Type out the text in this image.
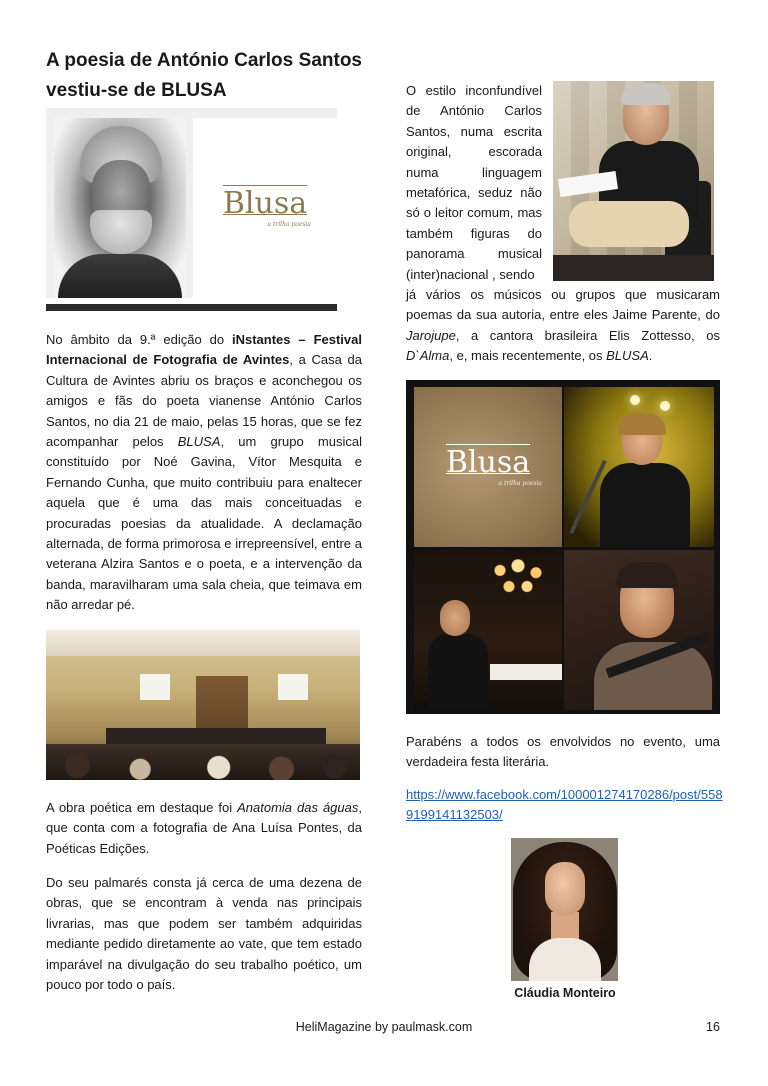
A poesia de António Carlos Santos vestiu-se de BLUSA
Blusa
a trilha poesia

No âmbito da 9.ª edição do iNstantes – Festival Internacional de Fotografia de Avintes, a Casa da Cultura de Avintes abriu os braços e aconchegou os amigos e fãs do poeta vianense António Carlos Santos, no dia 21 de maio, pelas 15 horas, que se fez acompanhar pelos BLUSA, um grupo musical constituído por Noé Gavina, Vítor Mesquita e Fernando Cunha, que muito contribuiu para enaltecer aquela que é uma das mais conceituadas e procuradas poesias da atualidade. A declamação alternada, de forma primorosa e irrepreensível, entre a veterana Alzira Santos e o poeta, e a intervenção da banda, maravilharam uma sala cheia, que teimava em não arredar pé.

A obra poética em destaque foi Anatomia das águas, que conta com a fotografia de Ana Luísa Pontes, da Poéticas Edições.

Do seu palmarés consta já cerca de uma dezena de obras, que se encontram à venda nas principais livrarias, mas que podem ser também adquiridas mediante pedido diretamente ao vate, que tem estado imparável na divulgação do seu trabalho poético, um pouco por todo o país.

O estilo inconfundível de António Carlos Santos, numa escrita original, escorada numa linguagem metafórica, seduz não só o leitor comum, mas também figuras do panorama musical (inter)nacional , sendo

já vários os músicos ou grupos que musicaram poemas da sua autoria, entre eles Jaime Parente, do Jarojupe, a cantora brasileira Elis Zottesso, os D`Alma, e, mais recentemente, os BLUSA.

Blusa
a trilha poesia

Parabéns a todos os envolvidos no evento, uma verdadeira festa literária.

https://www.facebook.com/100001274170286/post/5589199141132503/

Cláudia Monteiro

HeliMagazine by paulmask.com	16
